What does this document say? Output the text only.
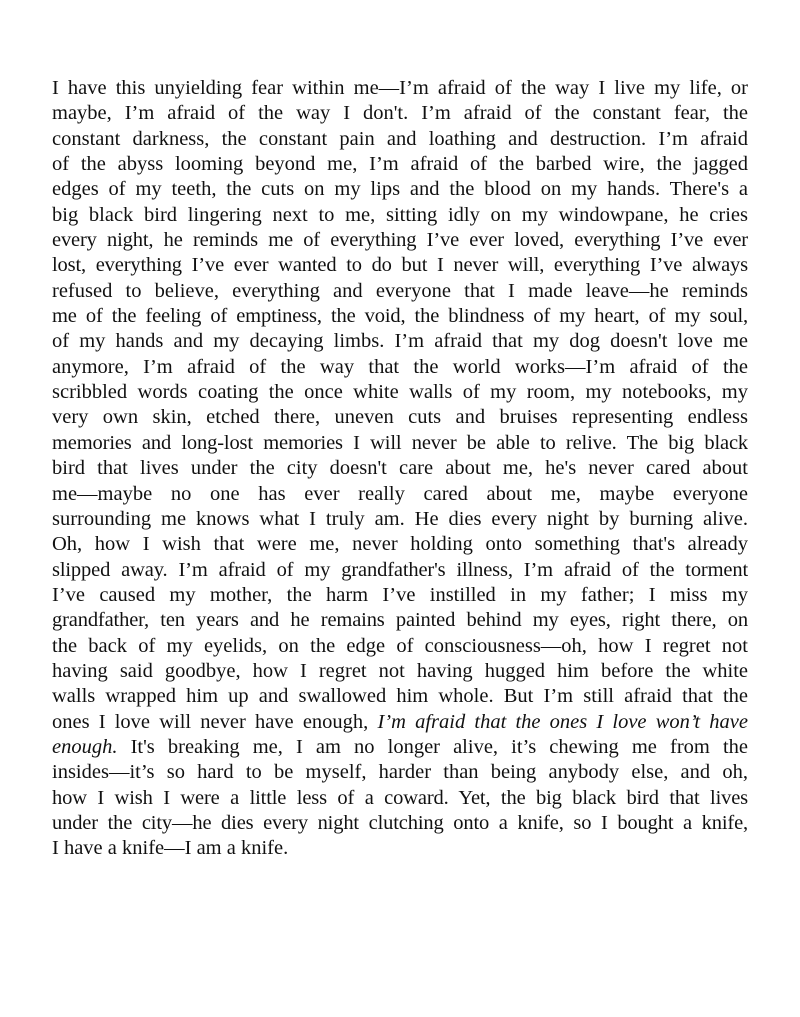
I have this unyielding fear within me—I’m afraid of the way I live my life, or
maybe, I’m afraid of the way I don't. I’m afraid of the constant fear, the
constant darkness, the constant pain and loathing and destruction. I’m afraid
of the abyss looming beyond me, I’m afraid of the barbed wire, the jagged
edges of my teeth, the cuts on my lips and the blood on my hands. There's a
big black bird lingering next to me, sitting idly on my windowpane, he cries
every night, he reminds me of everything I’ve ever loved, everything I’ve ever
lost, everything I’ve ever wanted to do but I never will, everything I’ve always
refused to believe, everything and everyone that I made leave—he reminds
me of the feeling of emptiness, the void, the blindness of my heart, of my soul,
of my hands and my decaying limbs. I’m afraid that my dog doesn't love me
anymore, I’m afraid of the way that the world works—I’m afraid of the
scribbled words coating the once white walls of my room, my notebooks, my
very own skin, etched there, uneven cuts and bruises representing endless
memories and long-lost memories I will never be able to relive. The big black
bird that lives under the city doesn't care about me, he's never cared about
me—maybe no one has ever really cared about me, maybe everyone
surrounding me knows what I truly am. He dies every night by burning alive.
Oh, how I wish that were me, never holding onto something that's already
slipped away. I’m afraid of my grandfather's illness, I’m afraid of the torment
I’ve caused my mother, the harm I’ve instilled in my father; I miss my
grandfather, ten years and he remains painted behind my eyes, right there, on
the back of my eyelids, on the edge of consciousness—oh, how I regret not
having said goodbye, how I regret not having hugged him before the white
walls wrapped him up and swallowed him whole. But I’m still afraid that the
ones I love will never have enough, I’m afraid that the ones I love won’t have
enough. It's breaking me, I am no longer alive, it’s chewing me from the
insides—it’s so hard to be myself, harder than being anybody else, and oh,
how I wish I were a little less of a coward. Yet, the big black bird that lives
under the city—he dies every night clutching onto a knife, so I bought a knife,
I have a knife—I am a knife.
